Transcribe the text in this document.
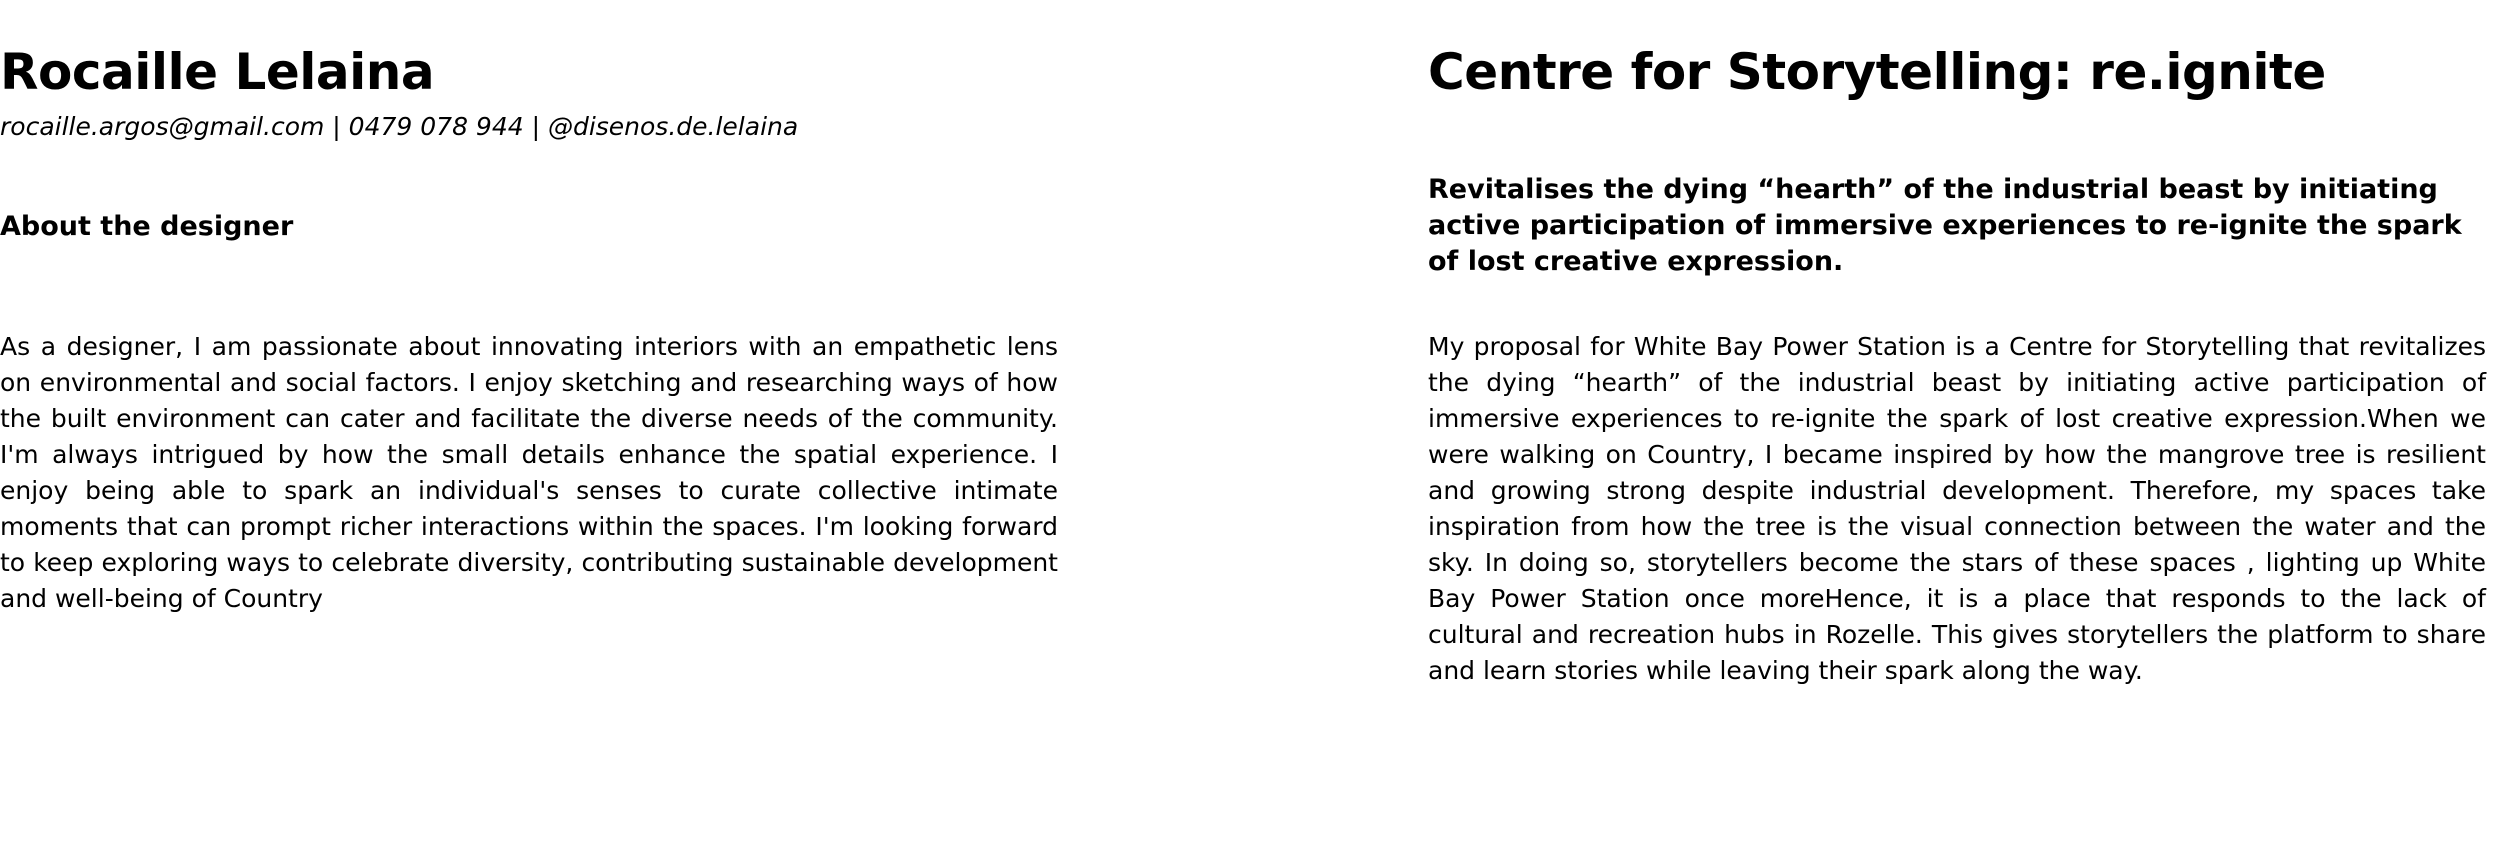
Rocaille Lelaina
rocaille.argos@gmail.com | 0479 078 944 | @disenos.de.lelaina
About the designer

As a designer, I am passionate about innovating interiors with an empathetic lens on environmental and social factors. I enjoy sketching and researching ways of how the built environment can cater and facilitate the diverse needs of the community. I'm always intrigued by how the small details enhance the spatial experience. I enjoy being able to spark an individual's senses to curate collective intimate moments that can prompt richer interactions within the spaces. I'm looking forward to keep exploring ways to celebrate diversity, contributing sustainable development and well-being of Country

Centre for Storytelling: re.ignite

Revitalises the dying “hearth” of the industrial beast by initiating active participation of immersive experiences to re-ignite the spark of lost creative expression.

My proposal for White Bay Power Station is a Centre for Storytelling that revitalizes the dying “hearth” of the industrial beast by initiating active participation of immersive experiences to re-ignite the spark of lost creative expression.When we were walking on Country, I became inspired by how the mangrove tree is resilient and growing strong despite industrial development. Therefore, my spaces take inspiration from how the tree is the visual connection between the water and the sky. In doing so, storytellers become the stars of these spaces , lighting up White Bay Power Station once moreHence, it is a place that responds to the lack of cultural and recreation hubs in Rozelle. This gives storytellers the platform to share and learn stories while leaving their spark along the way.
